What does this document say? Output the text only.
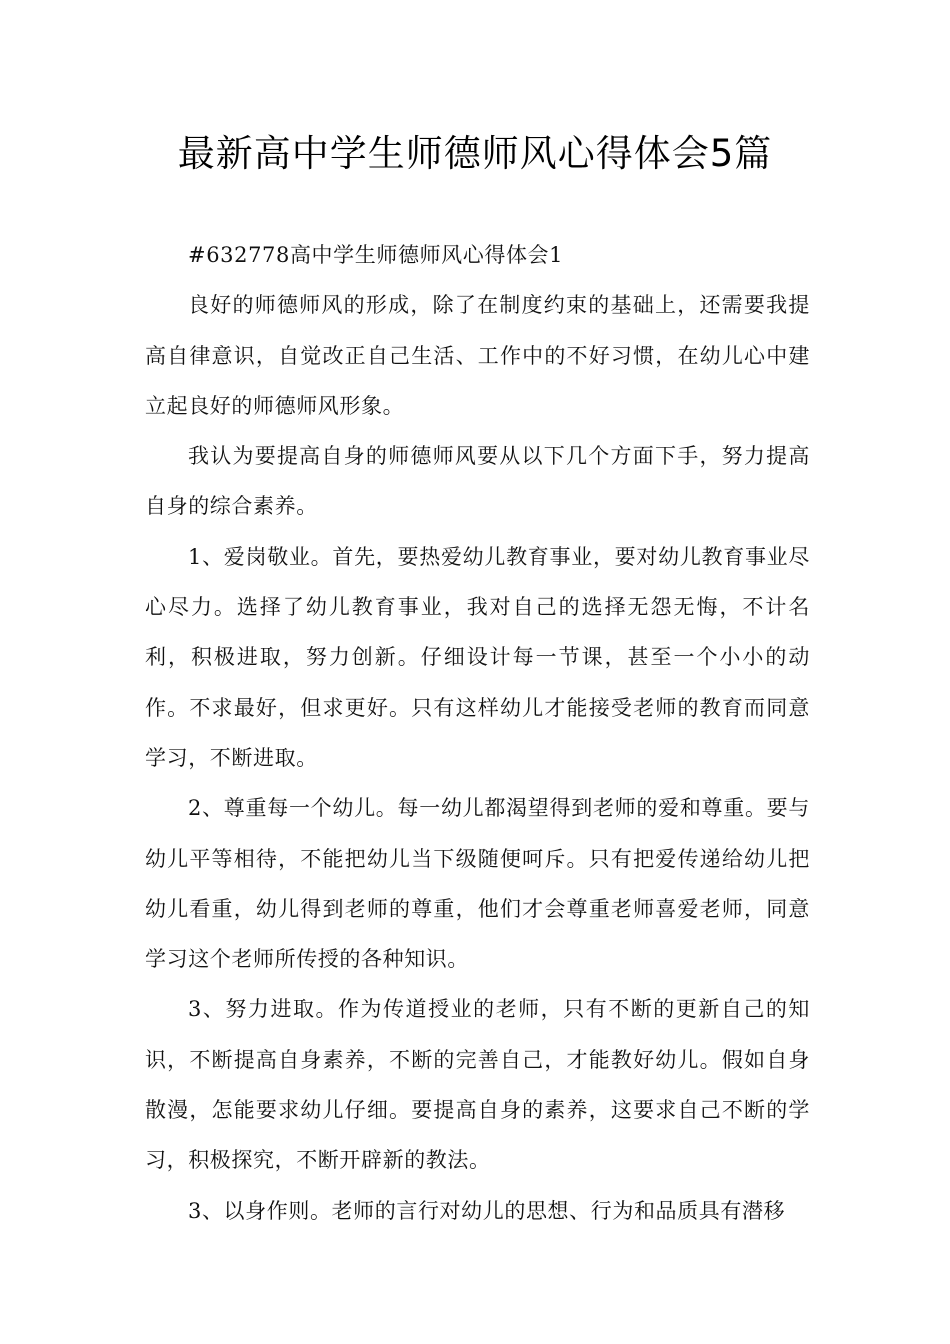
最新高中学生师德师风心得体会5篇

#632778高中学生师德师风心得体会1

良好的师德师风的形成，除了在制度约束的基础上，还需要我提高自律意识，自觉改正自己生活、工作中的不好习惯，在幼儿心中建立起良好的师德师风形象。

我认为要提高自身的师德师风要从以下几个方面下手，努力提高自身的综合素养。

1、爱岗敬业。首先，要热爱幼儿教育事业，要对幼儿教育事业尽心尽力。选择了幼儿教育事业，我对自己的选择无怨无悔，不计名利，积极进取，努力创新。仔细设计每一节课，甚至一个小小的动作。不求最好，但求更好。只有这样幼儿才能接受老师的教育而同意学习，不断进取。

2、尊重每一个幼儿。每一幼儿都渴望得到老师的爱和尊重。要与幼儿平等相待，不能把幼儿当下级随便呵斥。只有把爱传递给幼儿把幼儿看重，幼儿得到老师的尊重，他们才会尊重老师喜爱老师，同意学习这个老师所传授的各种知识。

3、努力进取。作为传道授业的老师，只有不断的更新自己的知识，不断提高自身素养，不断的完善自己，才能教好幼儿。假如自身散漫，怎能要求幼儿仔细。要提高自身的素养，这要求自己不断的学习，积极探究，不断开辟新的教法。

3、以身作则。老师的言行对幼儿的思想、行为和品质具有潜移
